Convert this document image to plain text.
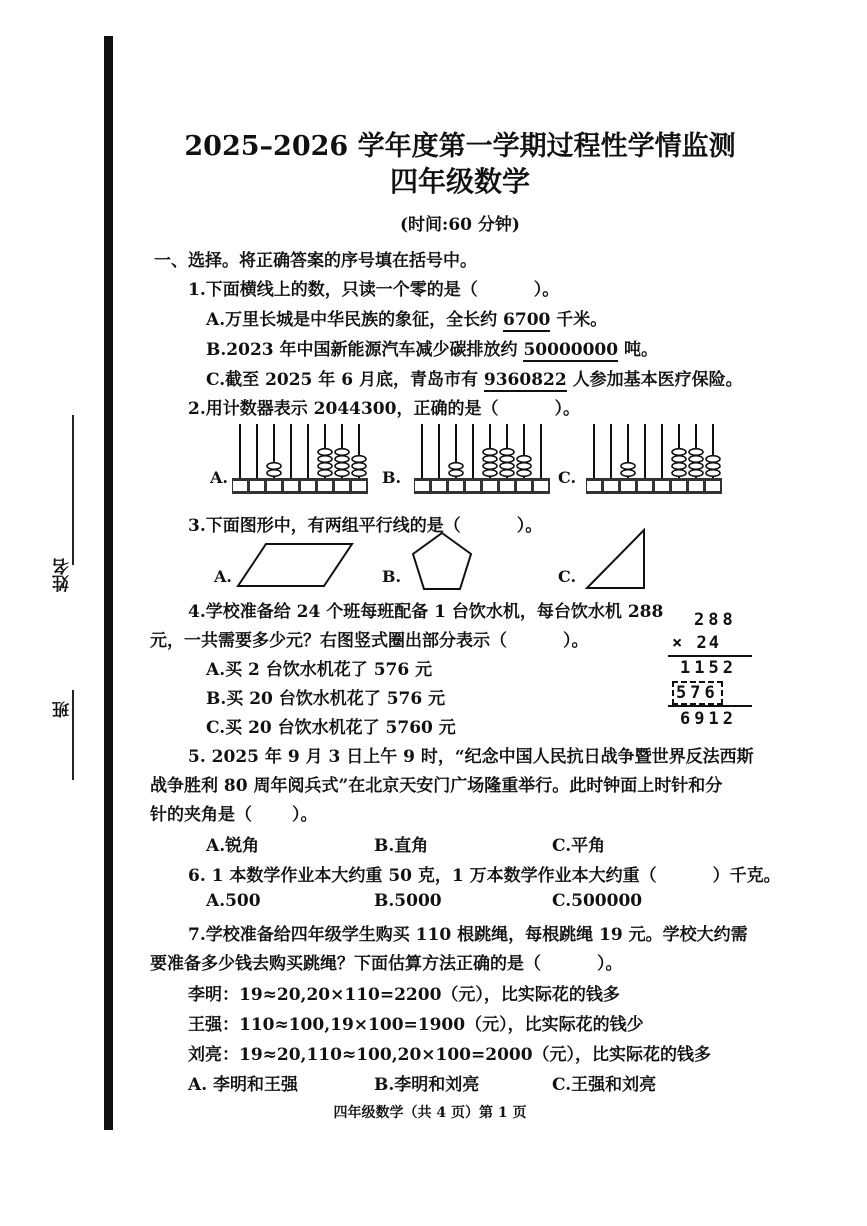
姓名
班
2025–2026 学年度第一学期过程性学情监测
四年级数学
(时间:60 分钟)
一、选择。将正确答案的序号填在括号中。
1.下面横线上的数，只读一个零的是（	）。
A.万里长城是中华民族的象征，全长约 6700 千米。
B.2023 年中国新能源汽车减少碳排放约 50000000 吨。
C.截至 2025 年 6 月底，青岛市有 9360822 人参加基本医疗保险。
2.用计数器表示 2044300，正确的是（	）。
A.	B.	C.
3.下面图形中，有两组平行线的是（	）。
A.	B.	C.
4.学校准备给 24 个班每班配备 1 台饮水机，每台饮水机 288
元，一共需要多少元？右图竖式圈出部分表示（	）。
A.买 2 台饮水机花了 576 元
B.买 20 台饮水机花了 576 元
C.买 20 台饮水机花了 5760 元
288
× 24
1152
576
6912
5. 2025 年 9 月 3 日上午 9 时，“纪念中国人民抗日战争暨世界反法西斯
战争胜利 80 周年阅兵式”在北京天安门广场隆重举行。此时钟面上时针和分
针的夹角是（ ）。
A.锐角	B.直角	C.平角
6. 1 本数学作业本大约重 50 克，1 万本数学作业本大约重（	）千克。
A.500	B.5000	C.500000
7.学校准备给四年级学生购买 110 根跳绳，每根跳绳 19 元。学校大约需
要准备多少钱去购买跳绳？下面估算方法正确的是（	）。
李明：19≈20,20×110=2200（元），比实际花的钱多
王强：110≈100,19×100=1900（元），比实际花的钱少
刘亮：19≈20,110≈100,20×100=2000（元），比实际花的钱多
A. 李明和王强	B.李明和刘亮	C.王强和刘亮
四年级数学（共 4 页）第 1 页
